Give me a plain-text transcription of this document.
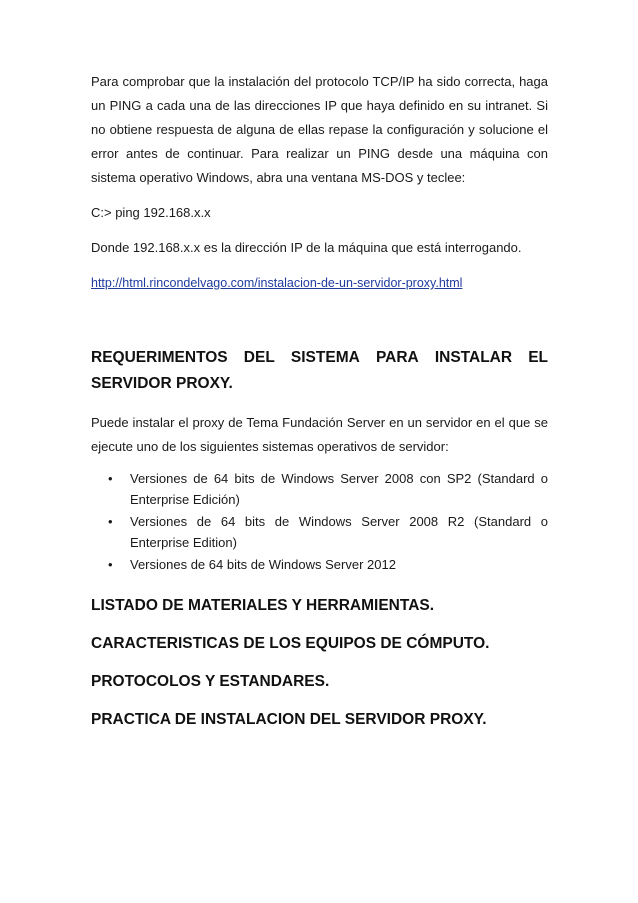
Para comprobar que la instalación del protocolo TCP/IP ha sido correcta, haga un PING a cada una de las direcciones IP que haya definido en su intranet. Si no obtiene respuesta de alguna de ellas repase la configuración y solucione el error antes de continuar. Para realizar un PING desde una máquina con sistema operativo Windows, abra una ventana MS-DOS y teclee:

C:> ping 192.168.x.x

Donde 192.168.x.x es la dirección IP de la máquina que está interrogando.

http://html.rincondelvago.com/instalacion-de-un-servidor-proxy.html

REQUERIMENTOS DEL SISTEMA PARA INSTALAR EL
SERVIDOR PROXY.

Puede instalar el proxy de Tema Fundación Server en un servidor en el que se ejecute uno de los siguientes sistemas operativos de servidor:

• Versiones de 64 bits de Windows Server 2008 con SP2 (Standard o Enterprise Edición)
• Versiones de 64 bits de Windows Server 2008 R2 (Standard o Enterprise Edition)
• Versiones de 64 bits de Windows Server 2012

LISTADO DE MATERIALES Y HERRAMIENTAS.

CARACTERISTICAS DE LOS EQUIPOS DE CÓMPUTO.

PROTOCOLOS Y ESTANDARES.

PRACTICA DE INSTALACION DEL SERVIDOR PROXY.
